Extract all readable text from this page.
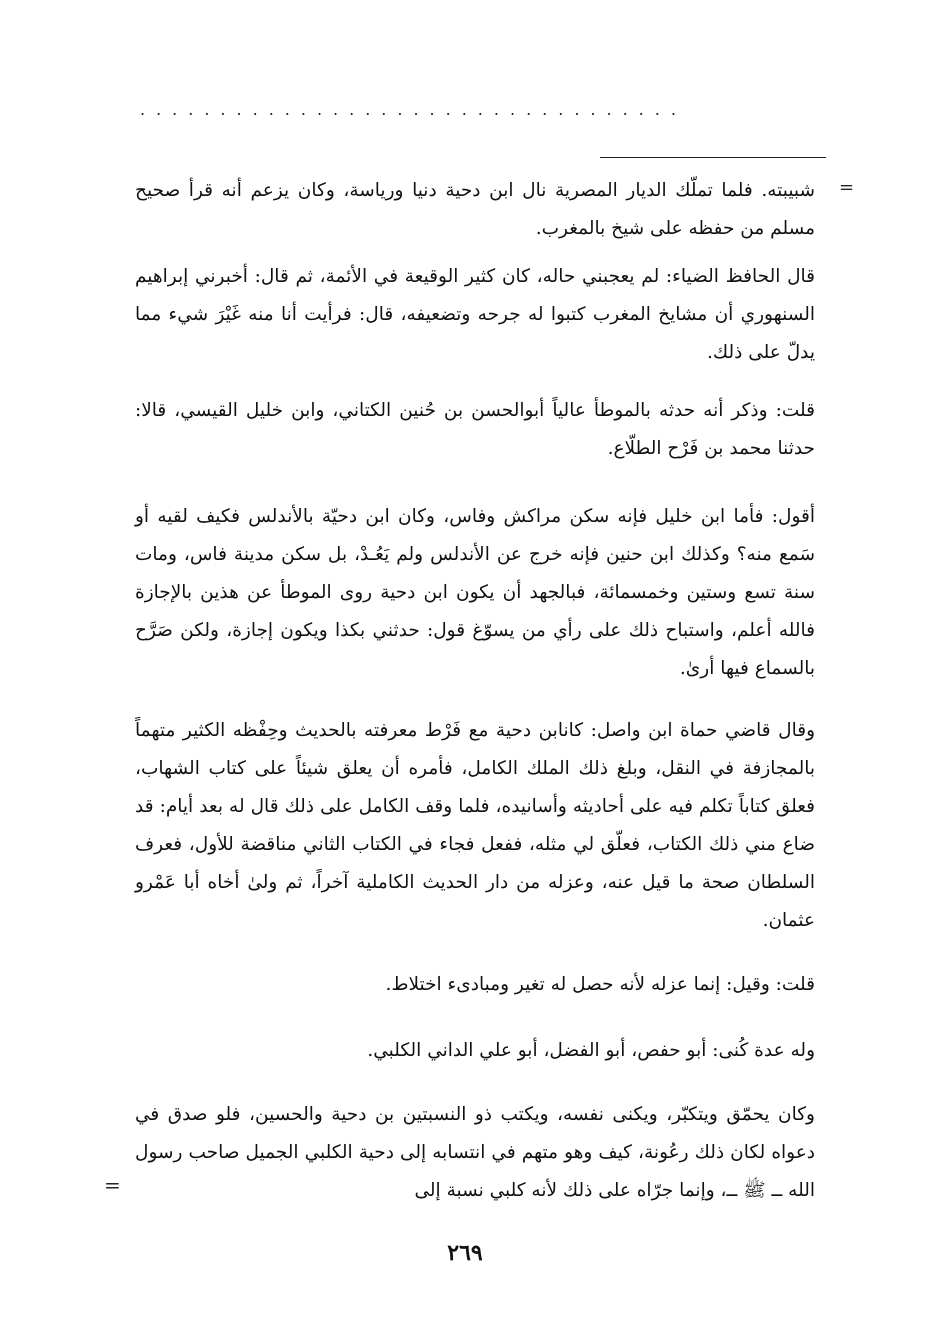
..................................
=

شبيبته. فلما تملّك الديار المصرية نال ابن دحية دنيا ورياسة، وكان يزعم أنه قرأ صحيح مسلم من حفظه على شيخ بالمغرب.

قال الحافظ الضياء: لم يعجبني حاله، كان كثير الوقيعة في الأئمة، ثم قال: أخبرني إبراهيم السنهوري أن مشايخ المغرب كتبوا له جرحه وتضعيفه، قال: فرأيت أنا منه غَيْرَ شيء مما يدلّ على ذلك.

قلت: وذكر أنه حدثه بالموطأ عالياً أبوالحسن بن حُنين الكتاني، وابن خليل القيسي، قالا: حدثنا محمد بن فَرْح الطلّاع.

أقول: فأما ابن خليل فإنه سكن مراكش وفاس، وكان ابن دحيّة بالأندلس فكيف لقيه أو سَمع منه؟ وكذلك ابن حنين فإنه خرج عن الأندلس ولم يَعُـدْ، بل سكن مدينة فاس، ومات سنة تسع وستين وخمسمائة، فبالجهد أن يكون ابن دحية روى الموطأ عن هذين بالإجازة فالله أعلم، واستباح ذلك على رأي من يسوّغ قول: حدثني بكذا ويكون إجازة، ولكن صَرَّح بالسماع فيها أرىٰ.

وقال قاضي حماة ابن واصل: كانابن دحية مع فَرْط معرفته بالحديث وحِفْظه الكثير متهماً بالمجازفة في النقل، وبلغ ذلك الملك الكامل، فأمره أن يعلق شيئاً على كتاب الشهاب، فعلق كتاباً تكلم فيه على أحاديثه وأسانيده، فلما وقف الكامل على ذلك قال له بعد أيام: قد ضاع مني ذلك الكتاب، فعلّق لي مثله، ففعل فجاء في الكتاب الثاني مناقضة للأول، فعرف السلطان صحة ما قيل عنه، وعزله من دار الحديث الكاملية آخراً، ثم ولىٰ أخاه أبا عَمْرو عثمان.

قلت: وقيل: إنما عزله لأنه حصل له تغير ومبادىء اختلاط.

وله عدة كُنى: أبو حفص، أبو الفضل، أبو علي الداني الكلبي.

وكان يحمّق ويتكبّر، ويكنى نفسه، ويكتب ذو النسبتين بن دحية والحسين، فلو صدق في دعواه لكان ذلك رعُونة، كيف وهو متهم في انتسابه إلى دحية الكلبي الجميل صاحب رسول الله ــ ﷺ ــ، وإنما جرّاه على ذلك لأنه كلبي نسبة إلى

=
٢٦٩
